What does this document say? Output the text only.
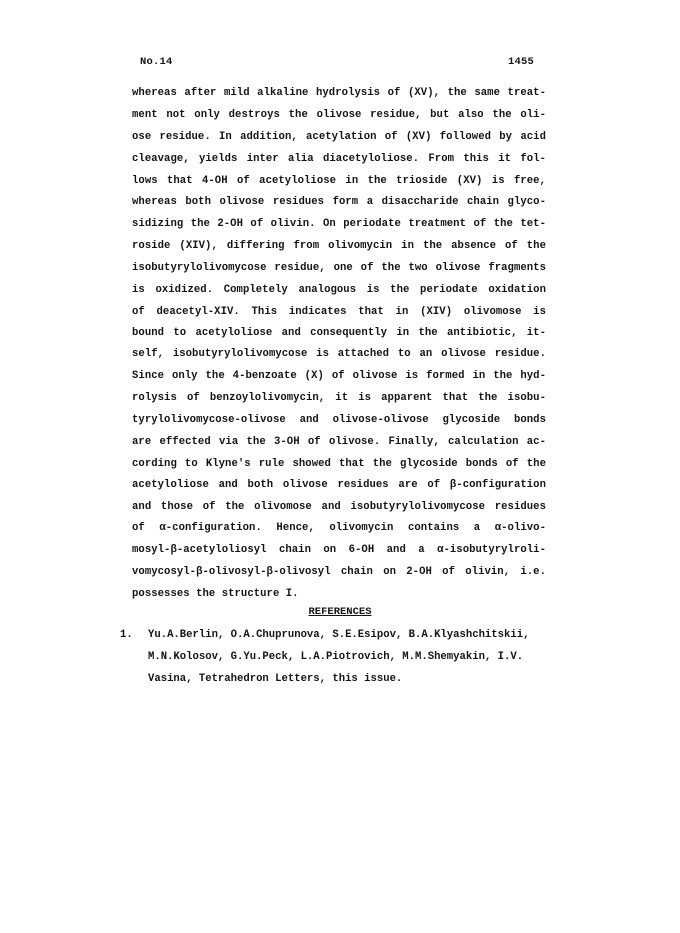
No.14	1455

whereas after mild alkaline hydrolysis of (XV), the same treat-

ment not only destroys the olivose residue, but also the oli-

ose residue. In addition, acetylation of (XV) followed by acid

cleavage, yields inter alia diacetyloliose. From this it fol-

lows that 4-OH of acetyloliose in the trioside (XV) is free,

whereas both olivose residues form a disaccharide chain glyco-

sidizing the 2-OH of olivin. On periodate treatment of the tet-

roside (XIV), differing from olivomycin in the absence of the

isobutyrylolivomycose residue, one of the two olivose fragments

is oxidized. Completely analogous is the periodate oxidation

of deacetyl-XIV. This indicates that in (XIV) olivomose is

bound to acetyloliose and consequently in the antibiotic, it-

self, isobutyrylolivomycose is attached to an olivose residue.

Since only the 4-benzoate (X) of olivose is formed in the hyd-

rolysis of benzoylolivomycin, it is apparent that the isobu-

tyrylolivomycose-olivose and olivose-olivose glycoside bonds

are effected via the 3-OH of olivose. Finally, calculation ac-

cording to Klyne's rule showed that the glycoside bonds of the

acetyloliose and both olivose residues are of β-configuration

and those of the olivomose and isobutyrylolivomycose residues

of α-configuration. Hence, olivomycin contains a α-olivo-

mosyl-β-acetyloliosyl chain on 6-OH and a α-isobutyrylroli-

vomycosyl-β-olivosyl-β-olivosyl chain on 2-OH of olivin, i.e.

possesses the structure I.

REFERENCES
1. Yu.A.Berlin, O.A.Chuprunova, S.E.Esipov, B.A.Klyashchitskii,
M.N.Kolosov, G.Yu.Peck, L.A.Piotrovich, M.M.Shemyakin, I.V.
Vasina, Tetrahedron Letters, this issue.
